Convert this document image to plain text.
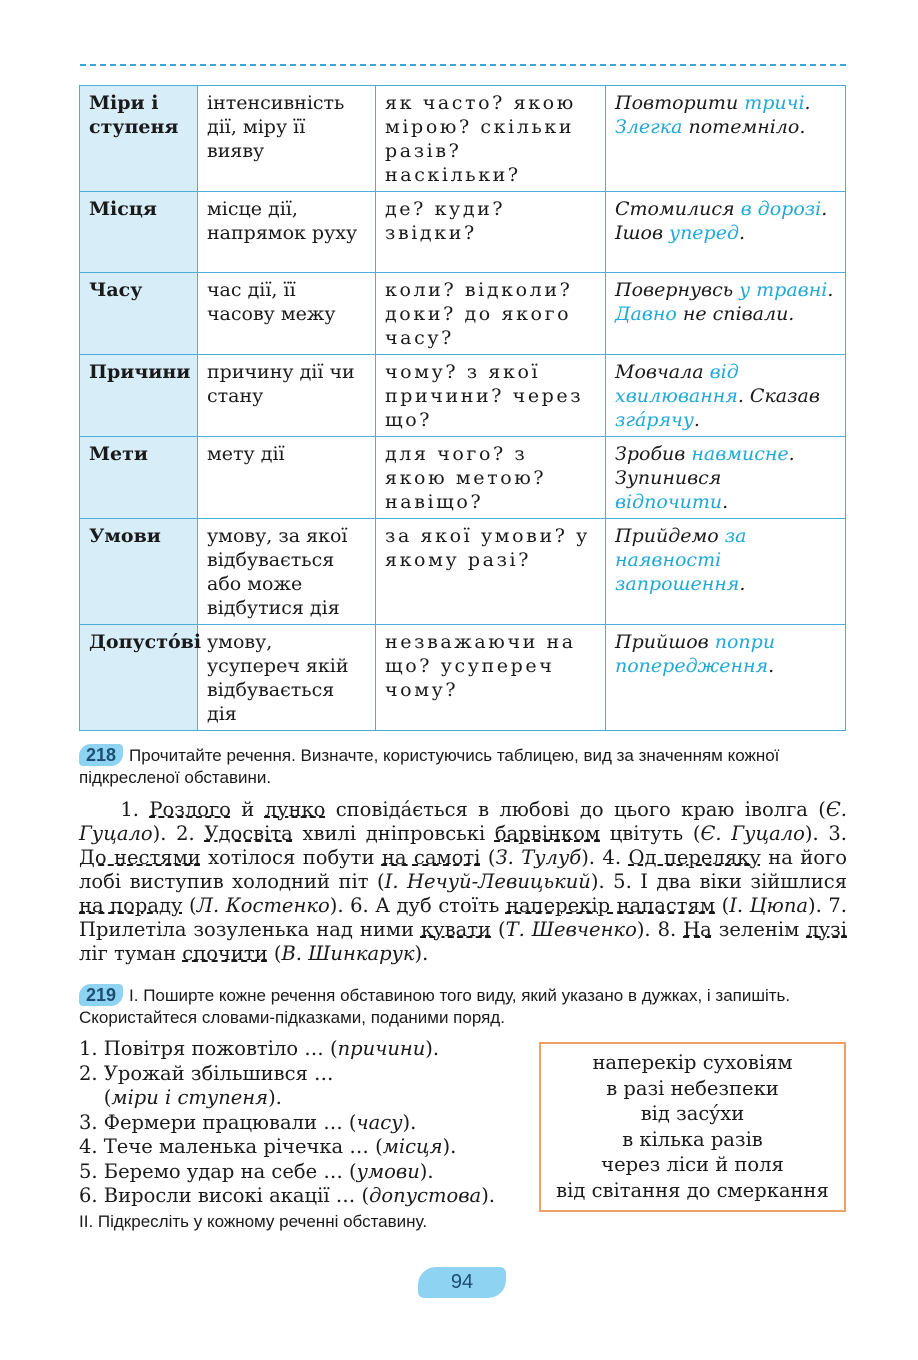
Міри і ступеня	інтенсивність дії, міру її вияву	як часто? якою мірою? скільки разів? наскільки?	Повторити тричі. Злегка потемніло.
Місця	місце дії, напрямок руху	де? куди? звідки?	Стомилися в дорозі. Ішов уперед.
Часу	час дії, її часову межу	коли? відколи? доки? до якого часу?	Повернувсь у травні. Давно не співали.
Причини	причину дії чи стану	чому? з якої причини? через що?	Мовчала від хвилювання. Сказав згáрячу.
Мети	мету дії	для чого? з якою метою? навіщо?	Зробив навмисне. Зупинився відпочити.
Умови	умову, за якої відбувається або може відбутися дія	за якої умови? у якому разі?	Прийдемо за наявності запрошення.
Допустóві	умову, усупереч якій відбувається дія	незважаючи на що? усупереч чому?	Прийшов попри попередження.
218 Прочитайте речення. Визначте, користуючись таблицею, вид за значенням кожної підкресленої обставини.
1. Розлого й лунко сповідáється в любові до цього краю іволга (Є. Гуцало). 2. Удосвіта хвилі дніпровські барвінком цвітуть (Є. Гуцало). 3. До нестями хотілося побути на самоті (З. Тулуб). 4. Од переляку на його лобі виступив холодний піт (І. Нечуй-Левицький). 5. І два віки зійшлися на пораду (Л. Костенко). 6. А дуб стоїть наперекір напастям (І. Цюпа). 7. Прилетіла зозуленька над ними кувати (Т. Шевченко). 8. На зеленім лузі ліг туман спочити (В. Шинкарук).
219 І. Поширте кожне речення обставиною того виду, який указано в дужках, і запишіть. Скористайтеся словами-підказками, поданими поряд.
1. Повітря пожовтіло … (причини).
2. Урожай збільшився …
(міри і ступеня).
3. Фермери працювали … (часу).
4. Тече маленька річечка … (місця).
5. Беремо удар на себе … (умови).
6. Виросли високі акації … (допустова).
наперекір суховіям
в разі небезпеки
від засýхи
в кілька разів
через ліси й поля
від світання до смеркання
ІІ. Підкресліть у кожному реченні обставину.
94
